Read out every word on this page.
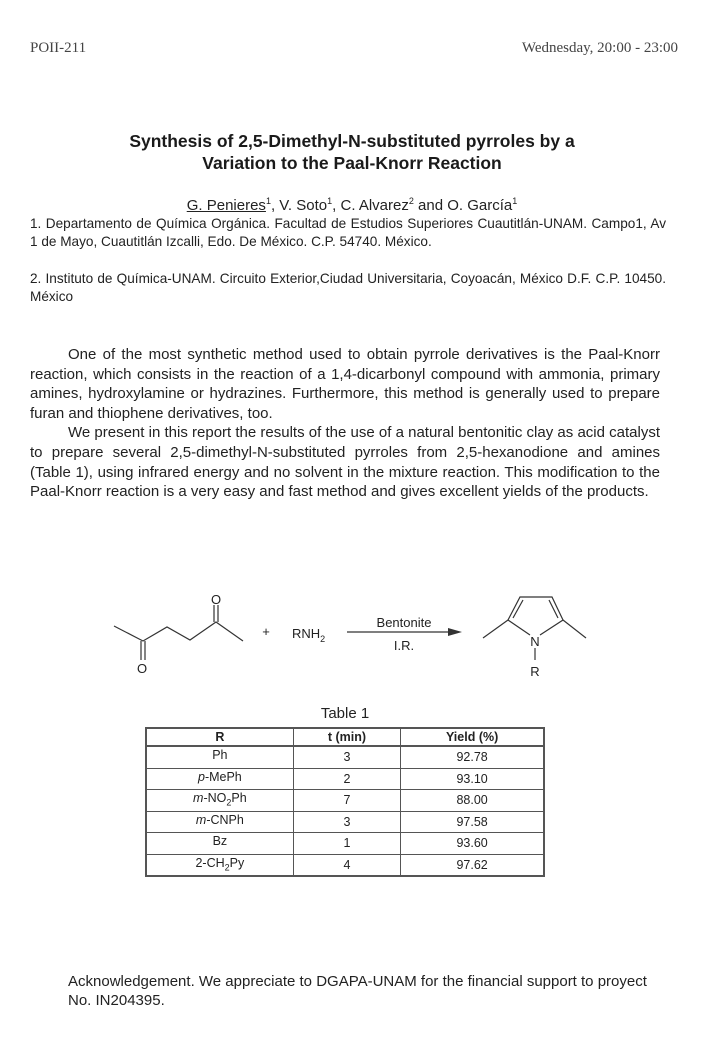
POII-211	Wednesday, 20:00 - 23:00
Synthesis of 2,5-Dimethyl-N-substituted pyrroles by a
Variation to the Paal-Knorr Reaction
G. Penieres$^1$, V. Soto$^1$, C. Alvarez$^2$ and O. García$^1$
1. Departamento de Química Orgánica. Facultad de Estudios Superiores Cuautitlán-UNAM. Campo1, Av 1 de Mayo, Cuautitlán Izcalli, Edo. De México. C.P. 54740. México.
2. Instituto de Química-UNAM. Circuito Exterior,Ciudad Universitaria, Coyoacán, México D.F. C.P. 10450. México

One of the most synthetic method used to obtain pyrrole derivatives is the Paal-Knorr reaction, which consists in the reaction of a 1,4-dicarbonyl compound with ammonia, primary amines, hydroxylamine or hydrazines. Furthermore, this method is generally used to prepare furan and thiophene derivatives, too.

We present in this report the results of the use of a natural bentonitic clay as acid catalyst to prepare several 2,5-dimethyl-N-substituted pyrroles from 2,5-hexanodione and amines (Table 1), using infrared energy and no solvent in the mixture reaction. This modification to the Paal-Knorr reaction is a very easy and fast method and gives excellent yields of the products.

O
O
+ $RNH_2$
Bentonite
I.R.	N
R
Table 1
R	t (min)	Yield (%)
Ph	3	92.78
p-MePh	2	93.10
$m-NO_2Ph$	7	88.00
m-CNPh	3	97.58
Bz	1	93.60
$2-CH_2Py$	4	97.62
Acknowledgement. We appreciate to DGAPA-UNAM for the financial support to proyect No. IN204395.
